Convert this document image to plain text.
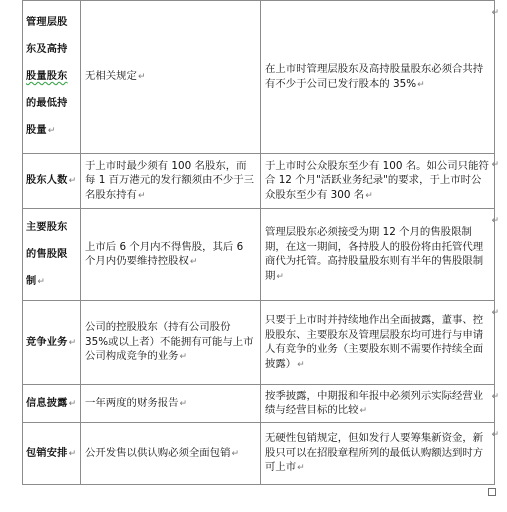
管理层股
东及高持
股量股东
的最低持
股量↵	无相关规定↵	在上市时管理层股东及高持股量股东必须合共持有不少于公司已发行股本的 35%↵
股东人数↵	于上市时最少须有 100 名股东，而每 1 百万港元的发行额须由不少于三名股东持有↵	于上市时公众股东至少有 100 名。如公司只能符合 12 个月"活跃业务纪录"的要求，于上市时公众股东至少有 300 名↵
主要股东
的售股限
制↵	上市后 6 个月内不得售股，其后 6 个月内仍要维持控股权↵	管理层股东必须接受为期 12 个月的售股限制期，在这一期间，各持股人的股份将由托管代理商代为托管。高持股量股东则有半年的售股限制期↵
竞争业务↵	公司的控股股东（持有公司股份 35%或以上者）不能拥有可能与上市公司构成竞争的业务↵	只要于上市时并持续地作出全面披露，董事、控股股东、主要股东及管理层股东均可进行与申请人有竞争的业务（主要股东则不需要作持续全面披露）↵
信息披露↵	一年两度的财务报告↵	按季披露，中期报和年报中必须列示实际经营业绩与经营目标的比较↵
包销安排↵	公开发售以供认购必须全面包销↵	无硬性包销规定，但如发行人要筹集新资金，新股只可以在招股章程所列的最低认购额达到时方可上市↵
↵
↵
↵
↵
↵
↵
